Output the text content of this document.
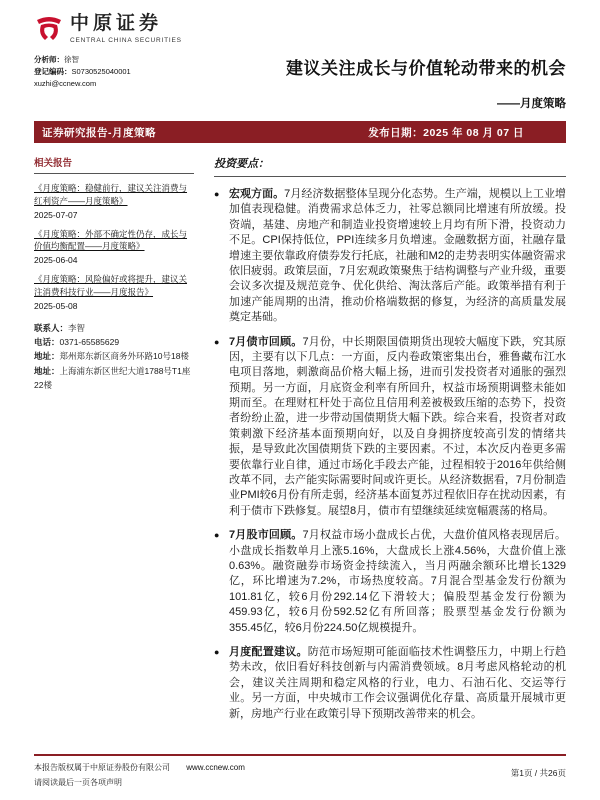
中原证券
CENTRAL CHINA SECURITIES
分析师：徐智
登记编码：S0730525040001
xuzhi@ccnew.com
建议关注成长与价值轮动带来的机会
——月度策略
证券研究报告-月度策略	发布日期：2025 年 08 月 07 日
相关报告
《月度策略：稳健前行，建议关注消费与红利资产——月度策略》
2025-07-07
《月度策略：外部不确定性仍存，成长与价值均衡配置——月度策略》
2025-06-04
《月度策略：风险偏好或将提升，建议关注消费科技行业——月度报告》
2025-05-08
联系人：李智
电话：0371-65585629
地址：郑州郑东新区商务外环路10号18楼
地址：上海浦东新区世纪大道1788号T1座22楼
投资要点：
● 宏观方面。7月经济数据整体呈现分化态势。生产端，规模以上工业增加值表现稳健。消费需求总体乏力，社零总额同比增速有所放缓。投资端，基建、房地产和制造业投资增速较上月均有所下滑，投资动力不足。CPI保持低位，PPI连续多月负增速。金融数据方面，社融存量增速主要依靠政府债券发行托底，社融和M2的走势表明实体融资需求依旧疲弱。政策层面，7月宏观政策聚焦于结构调整与产业升级，重要会议多次提及规范竞争、优化供给、淘汰落后产能。政策举措有利于加速产能周期的出清，推动价格端数据的修复，为经济的高质量发展奠定基础。
● 7月债市回顾。7月份，中长期限国债期货出现较大幅度下跌，究其原因，主要有以下几点：一方面，反内卷政策密集出台，雅鲁藏布江水电项目落地，刺激商品价格大幅上扬，进而引发投资者对通胀的强烈预期。另一方面，月底资金利率有所回升，权益市场预期调整未能如期而至。在理财杠杆处于高位且信用利差被极致压缩的态势下，投资者纷纷止盈，进一步带动国债期货大幅下跌。综合来看，投资者对政策刺激下经济基本面预期向好，以及自身拥挤度较高引发的情绪共振，是导致此次国债期货下跌的主要因素。不过，本次反内卷更多需要依靠行业自律，通过市场化手段去产能，过程相较于2016年供给侧改革不同，去产能实际需要时间或许更长。从经济数据看，7月份制造业PMI较6月份有所走弱，经济基本面复苏过程依旧存在扰动因素，有利于债市下跌修复。展望8月，债市有望继续延续宽幅震荡的格局。
● 7月股市回顾。7月权益市场小盘成长占优，大盘价值风格表现居后。小盘成长指数单月上涨5.16%，大盘成长上涨4.56%，大盘价值上涨0.63%。融资融券市场资金持续流入，当月两融余额环比增长1329亿，环比增速为7.2%，市场热度较高。7月混合型基金发行份额为101.81亿，较6月份292.14亿下滑较大；偏股型基金发行份额为459.93亿，较6月份592.52亿有所回落；股票型基金发行份额为355.45亿，较6月份224.50亿规模提升。
● 月度配置建议。防范市场短期可能面临技术性调整压力，中期上行趋势未改，依旧看好科技创新与内需消费领域。8月考虑风格轮动的机会，建议关注周期和稳定风格的行业，电力、石油石化、交运等行业。另一方面，中央城市工作会议强调优化存量、高质量开展城市更新，房地产行业在政策引导下预期改善带来的机会。
本报告版权属于中原证券股份有限公司 www.ccnew.com
请阅读最后一页各项声明
第1页 / 共26页
